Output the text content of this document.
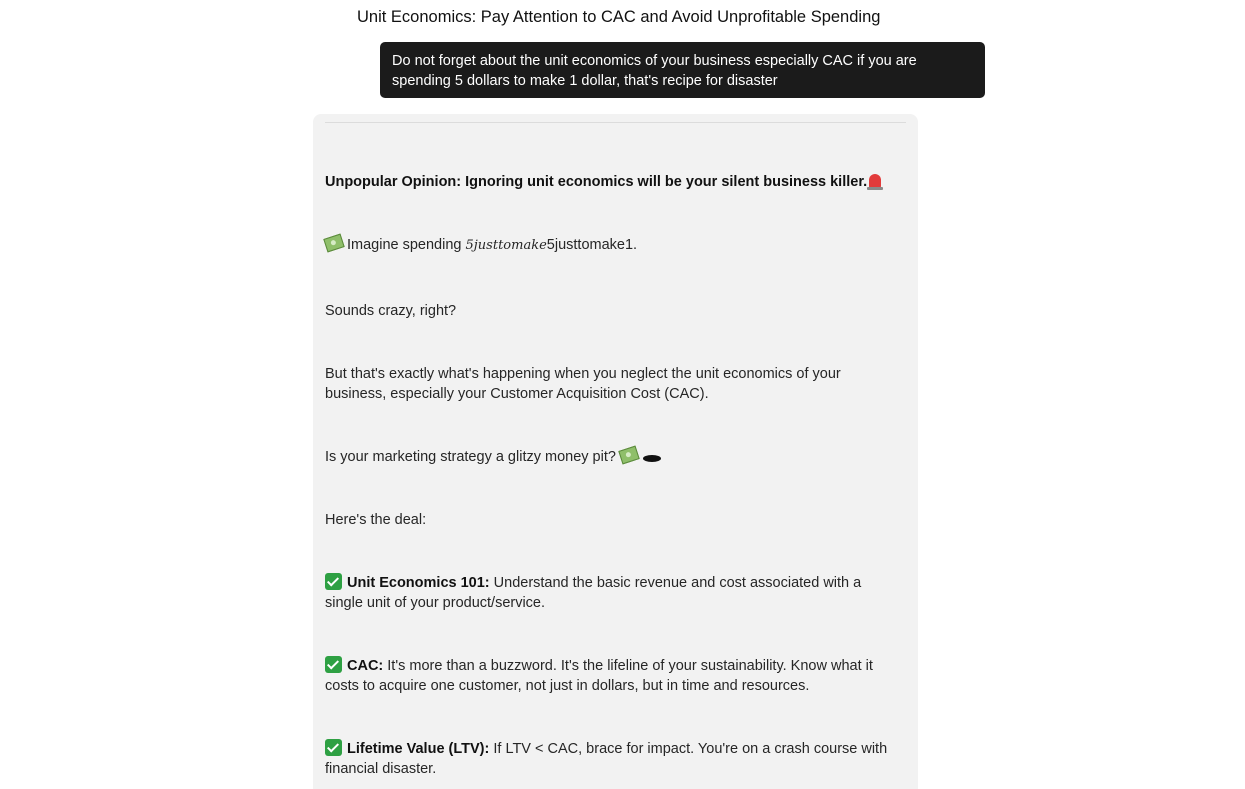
Unit Economics: Pay Attention to CAC and Avoid Unprofitable Spending
Do not forget about the unit economics of your business especially CAC if you are spending 5 dollars to make 1 dollar, that's recipe for disaster
Unpopular Opinion: Ignoring unit economics will be your silent business killer.
Imagine spending 5justtomake5justtomake1.
Sounds crazy, right?
But that's exactly what's happening when you neglect the unit economics of your business, especially your Customer Acquisition Cost (CAC).
Is your marketing strategy a glitzy money pit?
Here's the deal:
Unit Economics 101: Understand the basic revenue and cost associated with a single unit of your product/service.
CAC: It's more than a buzzword. It's the lifeline of your sustainability. Know what it costs to acquire one customer, not just in dollars, but in time and resources.
Lifetime Value (LTV): If LTV < CAC, brace for impact. You're on a crash course with financial disaster.
